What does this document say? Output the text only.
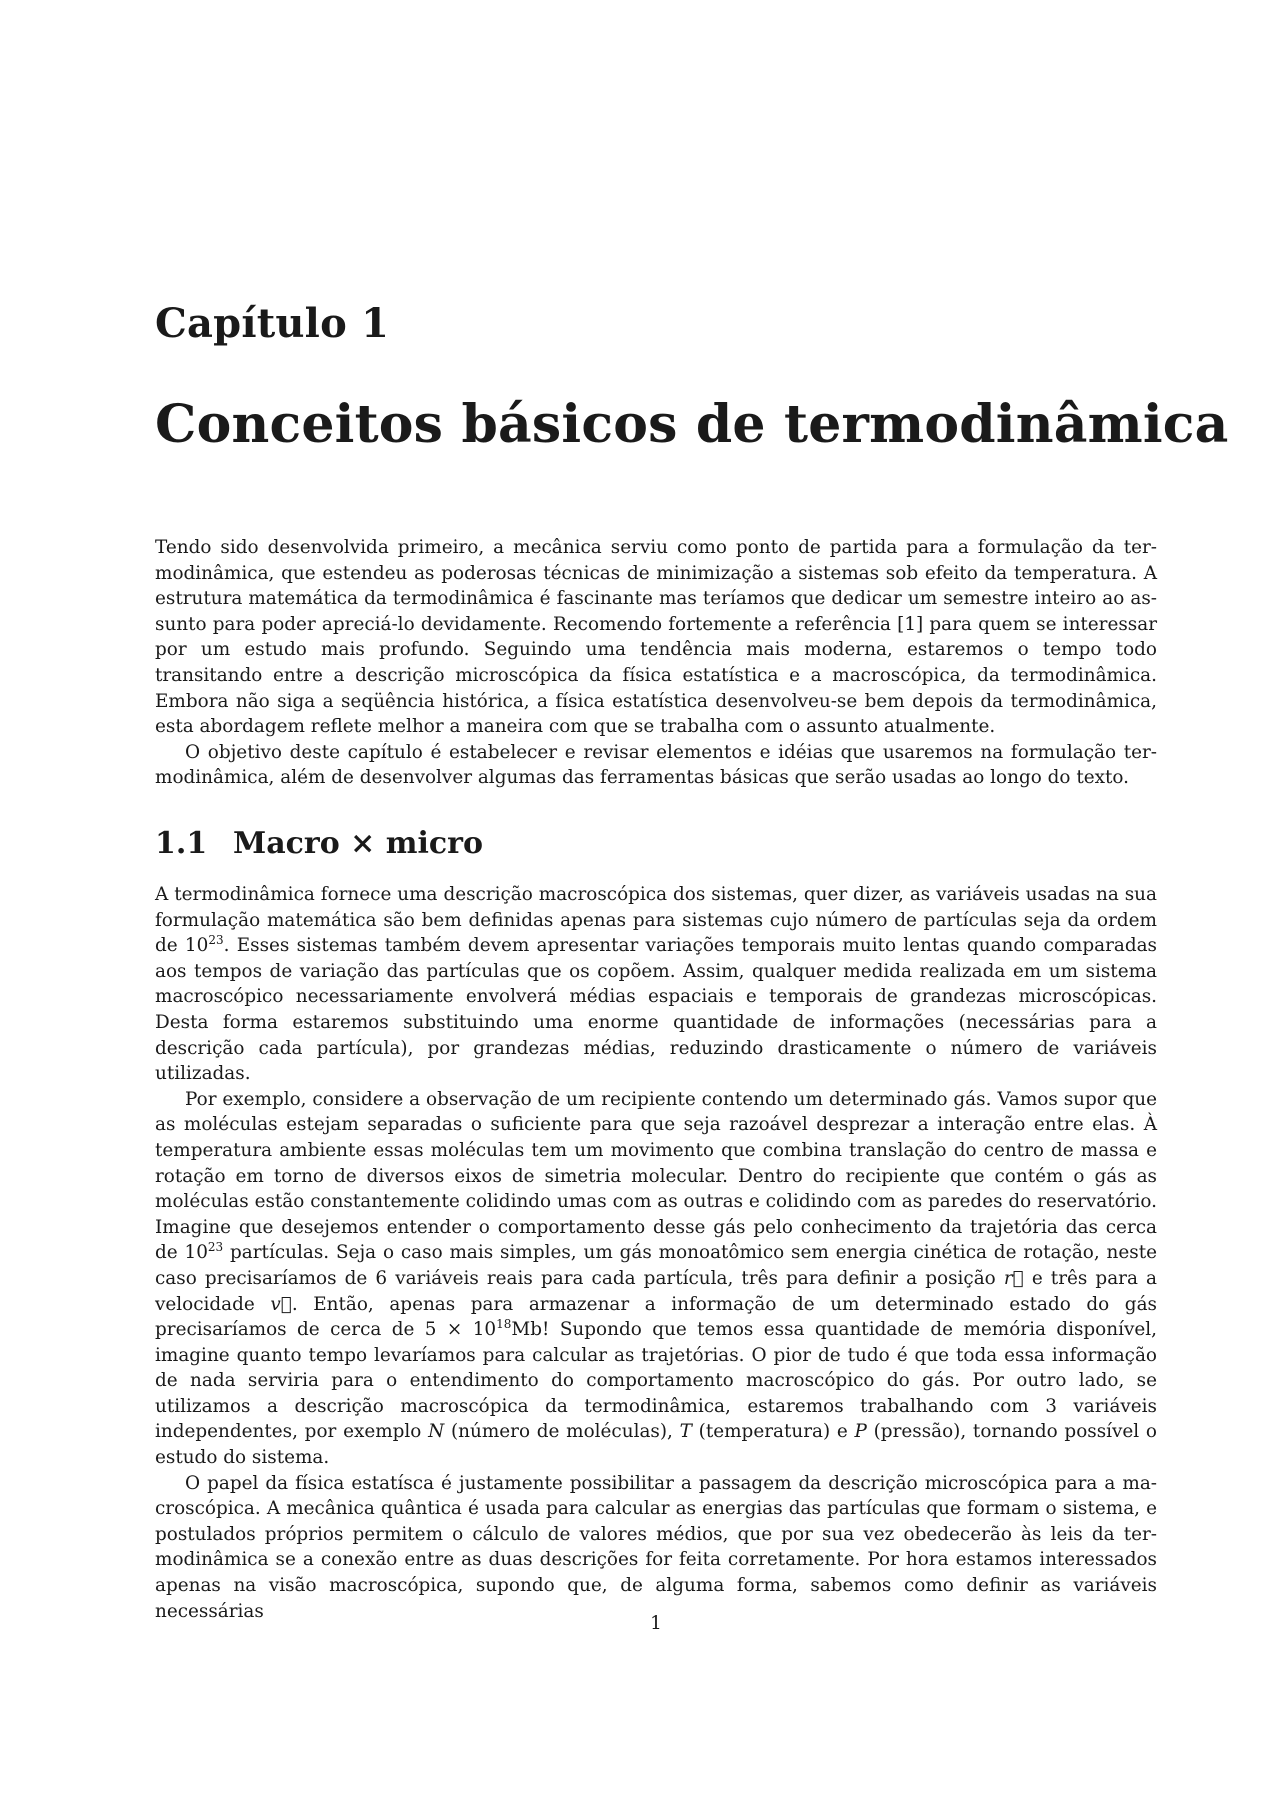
Capítulo 1
Conceitos básicos de termodinâmica

Tendo sido desenvolvida primeiro, a mecânica serviu como ponto de partida para a formulação da termodinâmica, que estendeu as poderosas técnicas de minimização a sistemas sob efeito da temperatura. A estrutura matemática da termodinâmica é fascinante mas teríamos que dedicar um semestre inteiro ao assunto para poder apreciá-lo devidamente. Recomendo fortemente a referência [1] para quem se interessar por um estudo mais profundo. Seguindo uma tendência mais moderna, estaremos o tempo todo transitando entre a descrição microscópica da física estatística e a macroscópica, da termodinâmica. Embora não siga a seqüência histórica, a física estatística desenvolveu-se bem depois da termodinâmica, esta abordagem reflete melhor a maneira com que se trabalha com o assunto atualmente.

O objetivo deste capítulo é estabelecer e revisar elementos e idéias que usaremos na formulação termodinâmica, além de desenvolver algumas das ferramentas básicas que serão usadas ao longo do texto.

1.1 Macro × micro

A termodinâmica fornece uma descrição macroscópica dos sistemas, quer dizer, as variáveis usadas na sua formulação matemática são bem definidas apenas para sistemas cujo número de partículas seja da ordem de $10^{23}$. Esses sistemas também devem apresentar variações temporais muito lentas quando comparadas aos tempos de variação das partículas que os copõem. Assim, qualquer medida realizada em um sistema macroscópico necessariamente envolverá médias espaciais e temporais de grandezas microscópicas. Desta forma estaremos substituindo uma enorme quantidade de informações (necessárias para a descrição cada partícula), por grandezas médias, reduzindo drasticamente o número de variáveis utilizadas.

Por exemplo, considere a observação de um recipiente contendo um determinado gás. Vamos supor que as moléculas estejam separadas o suficiente para que seja razoável desprezar a interação entre elas. À temperatura ambiente essas moléculas tem um movimento que combina translação do centro de massa e rotação em torno de diversos eixos de simetria molecular. Dentro do recipiente que contém o gás as moléculas estão constantemente colidindo umas com as outras e colidindo com as paredes do reservatório. Imagine que desejemos entender o comportamento desse gás pelo conhecimento da trajetória das cerca de $10^{23}$ partículas. Seja o caso mais simples, um gás monoatômico sem energia cinética de rotação, neste caso precisaríamos de 6 variáveis reais para cada partícula, três para definir a posição r⃗ e três para a velocidade v⃗. Então, apenas para armazenar a informação de um determinado estado do gás precisaríamos de cerca de $5 \times 10^{18}Mb$! Supondo que temos essa quantidade de memória disponível, imagine quanto tempo levaríamos para calcular as trajetórias. O pior de tudo é que toda essa informação de nada serviria para o entendimento do comportamento macroscópico do gás. Por outro lado, se utilizamos a descrição macroscópica da termodinâmica, estaremos trabalhando com 3 variáveis independentes, por exemplo N (número de moléculas), T (temperatura) e P (pressão), tornando possível o estudo do sistema.

O papel da física estatísca é justamente possibilitar a passagem da descrição microscópica para a macroscópica. A mecânica quântica é usada para calcular as energias das partículas que formam o sistema, e postulados próprios permitem o cálculo de valores médios, que por sua vez obedecerão às leis da termodinâmica se a conexão entre as duas descrições for feita corretamente. Por hora estamos interessados apenas na visão macroscópica, supondo que, de alguma forma, sabemos como definir as variáveis necessárias

1
